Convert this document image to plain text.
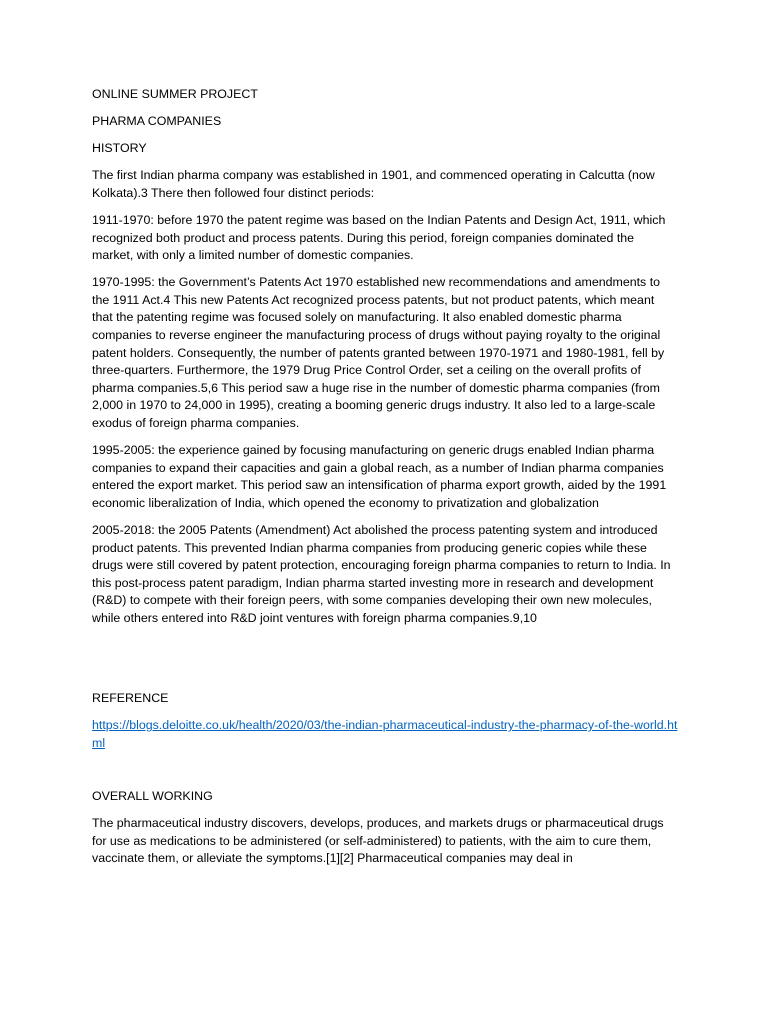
ONLINE SUMMER PROJECT
PHARMA COMPANIES
HISTORY

The first Indian pharma company was established in 1901, and commenced operating in Calcutta (now Kolkata).3 There then followed four distinct periods:

1911-1970: before 1970 the patent regime was based on the Indian Patents and Design Act, 1911, which recognized both product and process patents. During this period, foreign companies dominated the market, with only a limited number of domestic companies.

1970-1995: the Government’s Patents Act 1970 established new recommendations and amendments to the 1911 Act.4 This new Patents Act recognized process patents, but not product patents, which meant that the patenting regime was focused solely on manufacturing. It also enabled domestic pharma companies to reverse engineer the manufacturing process of drugs without paying royalty to the original patent holders. Consequently, the number of patents granted between 1970-1971 and 1980-1981, fell by three-quarters. Furthermore, the 1979 Drug Price Control Order, set a ceiling on the overall profits of pharma companies.5,6 This period saw a huge rise in the number of domestic pharma companies (from 2,000 in 1970 to 24,000 in 1995), creating a booming generic drugs industry. It also led to a large-scale exodus of foreign pharma companies.

1995-2005: the experience gained by focusing manufacturing on generic drugs enabled Indian pharma companies to expand their capacities and gain a global reach, as a number of Indian pharma companies entered the export market. This period saw an intensification of pharma export growth, aided by the 1991 economic liberalization of India, which opened the economy to privatization and globalization

2005-2018: the 2005 Patents (Amendment) Act abolished the process patenting system and introduced product patents. This prevented Indian pharma companies from producing generic copies while these drugs were still covered by patent protection, encouraging foreign pharma companies to return to India. In this post-process patent paradigm, Indian pharma started investing more in research and development (R&D) to compete with their foreign peers, with some companies developing their own new molecules, while others entered into R&D joint ventures with foreign pharma companies.9,10

REFERENCE
https://blogs.deloitte.co.uk/health/2020/03/the-indian-pharmaceutical-industry-the-pharmacy-of-the-world.html
OVERALL WORKING

The pharmaceutical industry discovers, develops, produces, and markets drugs or pharmaceutical drugs for use as medications to be administered (or self-administered) to patients, with the aim to cure them, vaccinate them, or alleviate the symptoms.[1][2] Pharmaceutical companies may deal in
